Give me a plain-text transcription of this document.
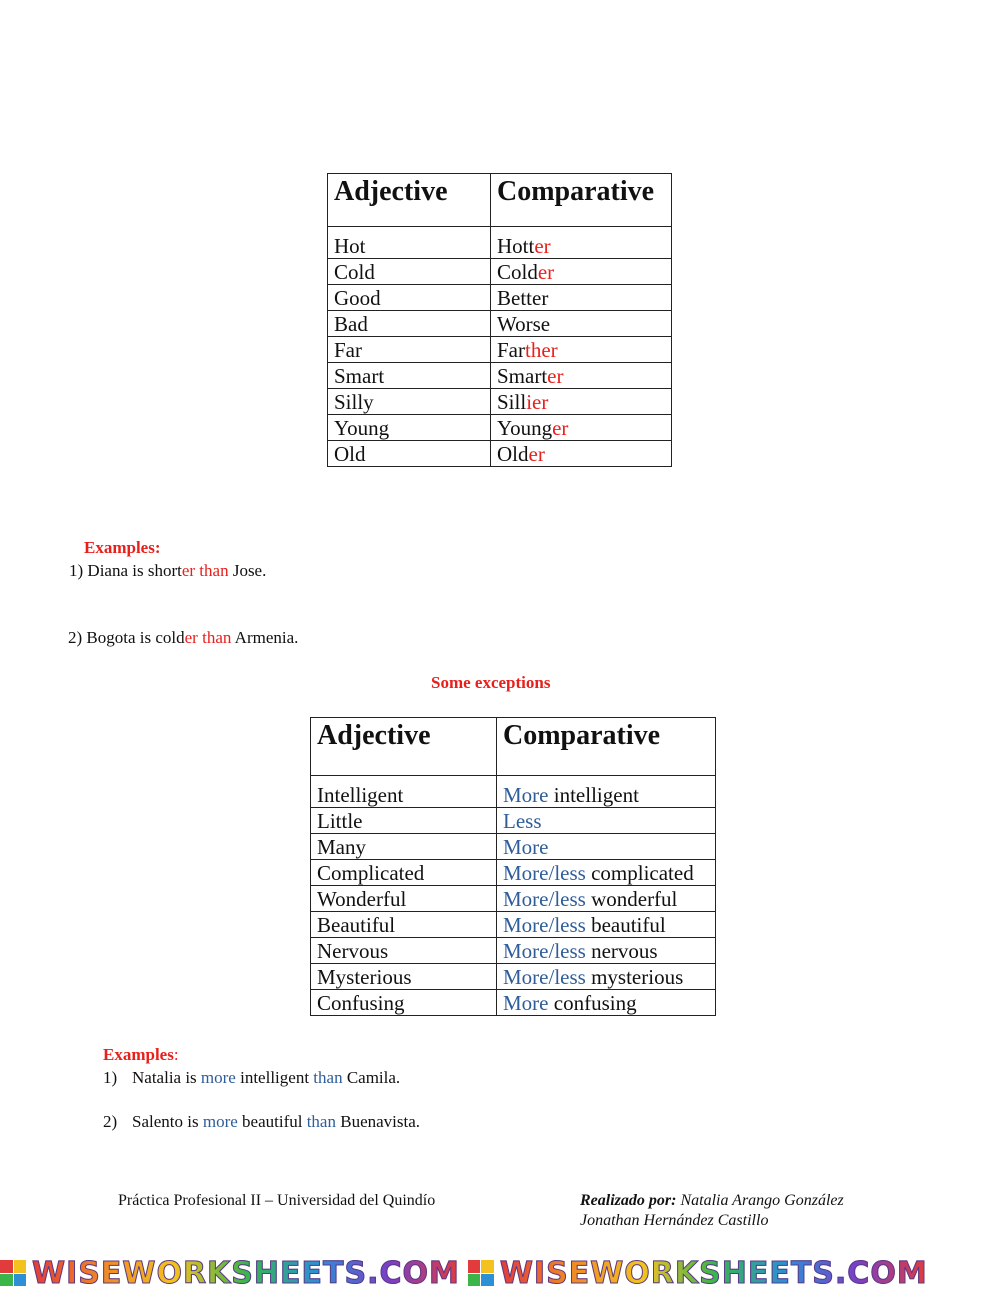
Adjective	Comparative
Hot	Hotter
Cold	Colder
Good	Better
Bad	Worse
Far	Farther
Smart	Smarter
Silly	Sillier
Young	Younger
Old	Older
Examples:
1) Diana is shorter than Jose.
2) Bogota is colder than Armenia.
Some exceptions
Adjective	Comparative
Intelligent	More intelligent
Little	Less
Many	More
Complicated	More/less complicated
Wonderful	More/less wonderful
Beautiful	More/less beautiful
Nervous	More/less nervous
Mysterious	More/less mysterious
Confusing	More confusing
Examples:
1) Natalia is more intelligent than Camila.
2) Salento is more beautiful than Buenavista.
Práctica Profesional II – Universidad del Quindío	Realizado por: Natalia Arango González
Jonathan Hernández Castillo
WISEWORKSHEETS.COM WISEWORKSHEETS.COM
